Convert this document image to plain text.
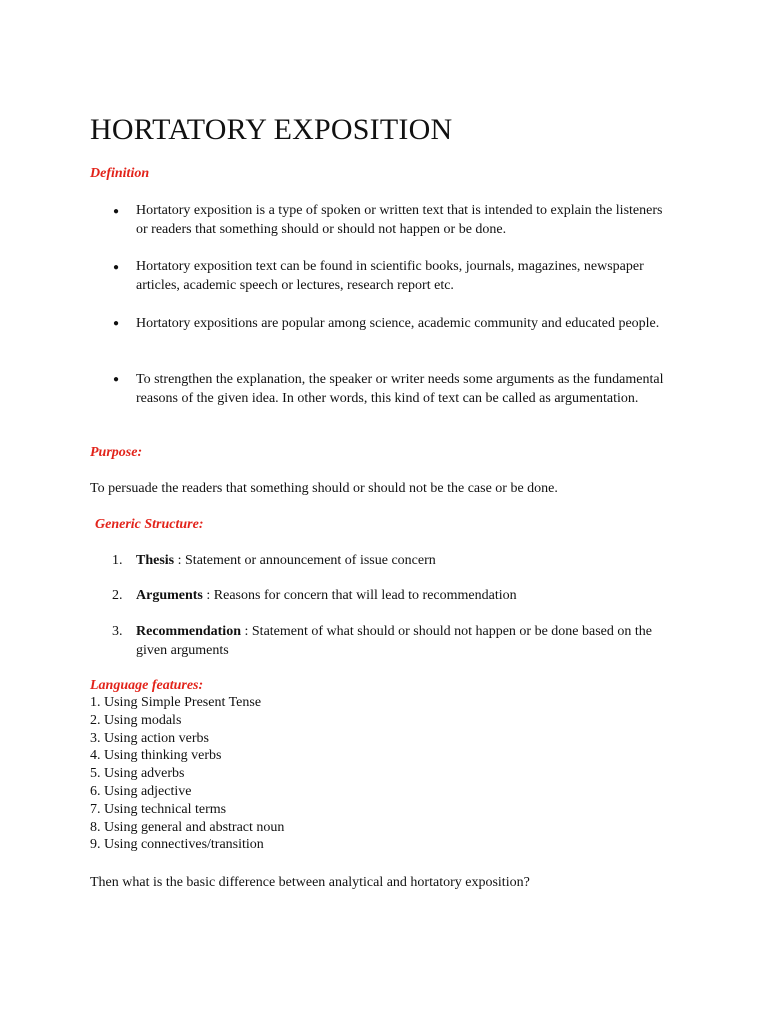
HORTATORY EXPOSITION
Definition
● Hortatory exposition is a type of spoken or written text that is intended to explain the listeners or readers that something should or should not happen or be done.
● Hortatory exposition text can be found in scientific books, journals, magazines, newspaper articles, academic speech or lectures, research report etc.
● Hortatory expositions are popular among science, academic community and educated people.
● To strengthen the explanation, the speaker or writer needs some arguments as the fundamental reasons of the given idea. In other words, this kind of text can be called as argumentation.
Purpose:
To persuade the readers that something should or should not be the case or be done.
Generic Structure:
1. Thesis : Statement or announcement of issue concern
2. Arguments : Reasons for concern that will lead to recommendation
3. Recommendation : Statement of what should or should not happen or be done based on the given arguments
Language features:
1. Using Simple Present Tense
2. Using modals
3. Using action verbs
4. Using thinking verbs
5. Using adverbs
6. Using adjective
7. Using technical terms
8. Using general and abstract noun
9. Using connectives/transition
Then what is the basic difference between analytical and hortatory exposition?
